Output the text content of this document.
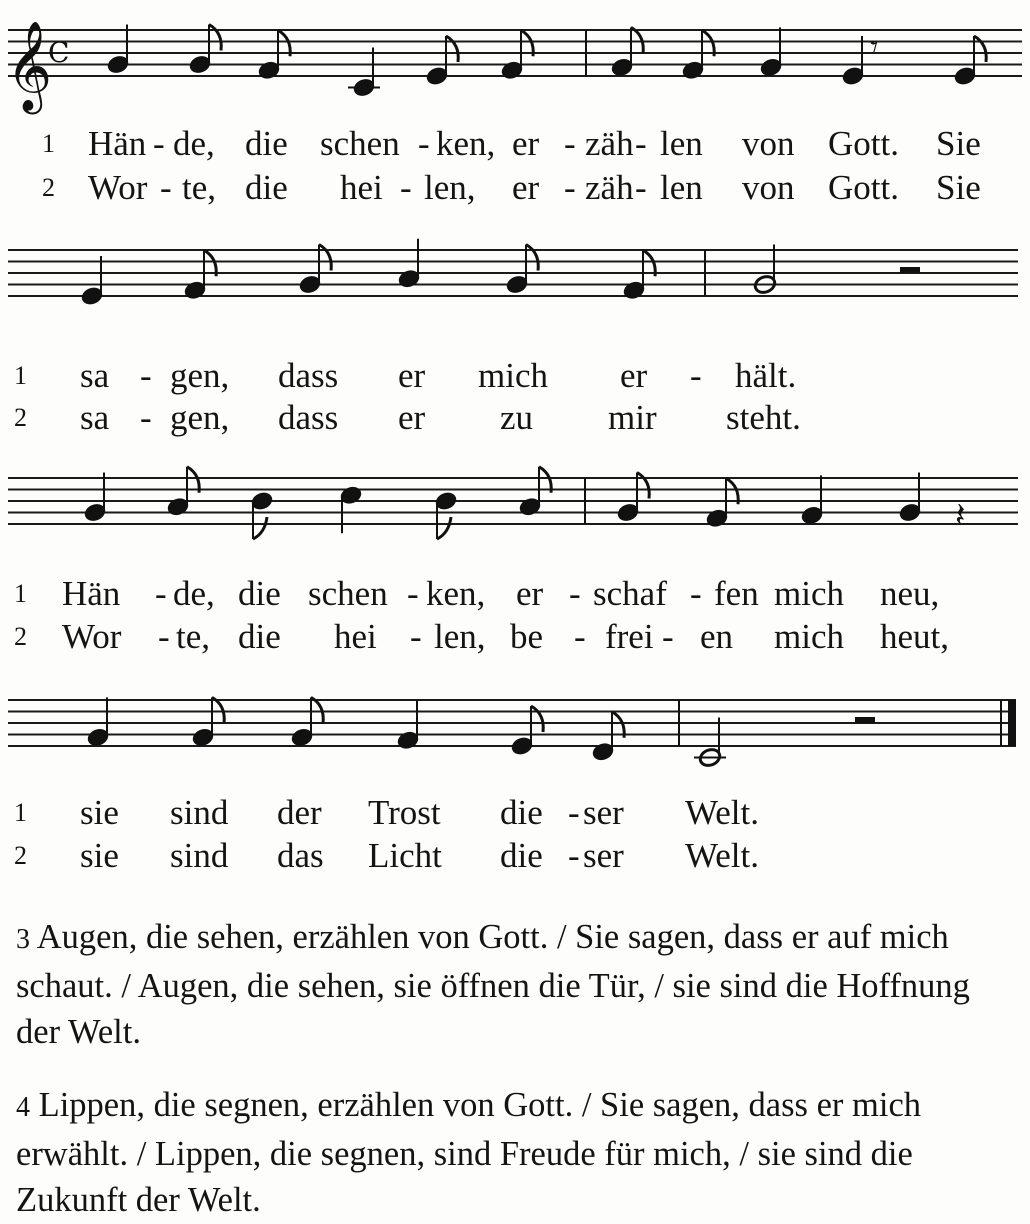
𝄞
C	𝄾
𝄽
1 Hän - de, die schen - ken, er - zäh - len von Gott. Sie
2 Wor - te, die hei - len, er - zäh - len von Gott. Sie
1 sa - gen, dass er mich er - hält.
2 sa - gen, dass er zu mir steht.
1 Hän - de, die schen - ken, er - schaf - fen mich neu,
2 Wor - te, die hei - len, be - frei - en mich heut,
1 sie sind der Trost die - ser Welt.
2 sie sind das Licht die - ser Welt.

3 Augen, die sehen, erzählen von Gott. / Sie sagen, dass er auf mich schaut. / Augen, die sehen, sie öffnen die Tür, / sie sind die Hoffnung der Welt.

4 Lippen, die segnen, erzählen von Gott. / Sie sagen, dass er mich erwählt. / Lippen, die segnen, sind Freude für mich, / sie sind die Zukunft der Welt.
